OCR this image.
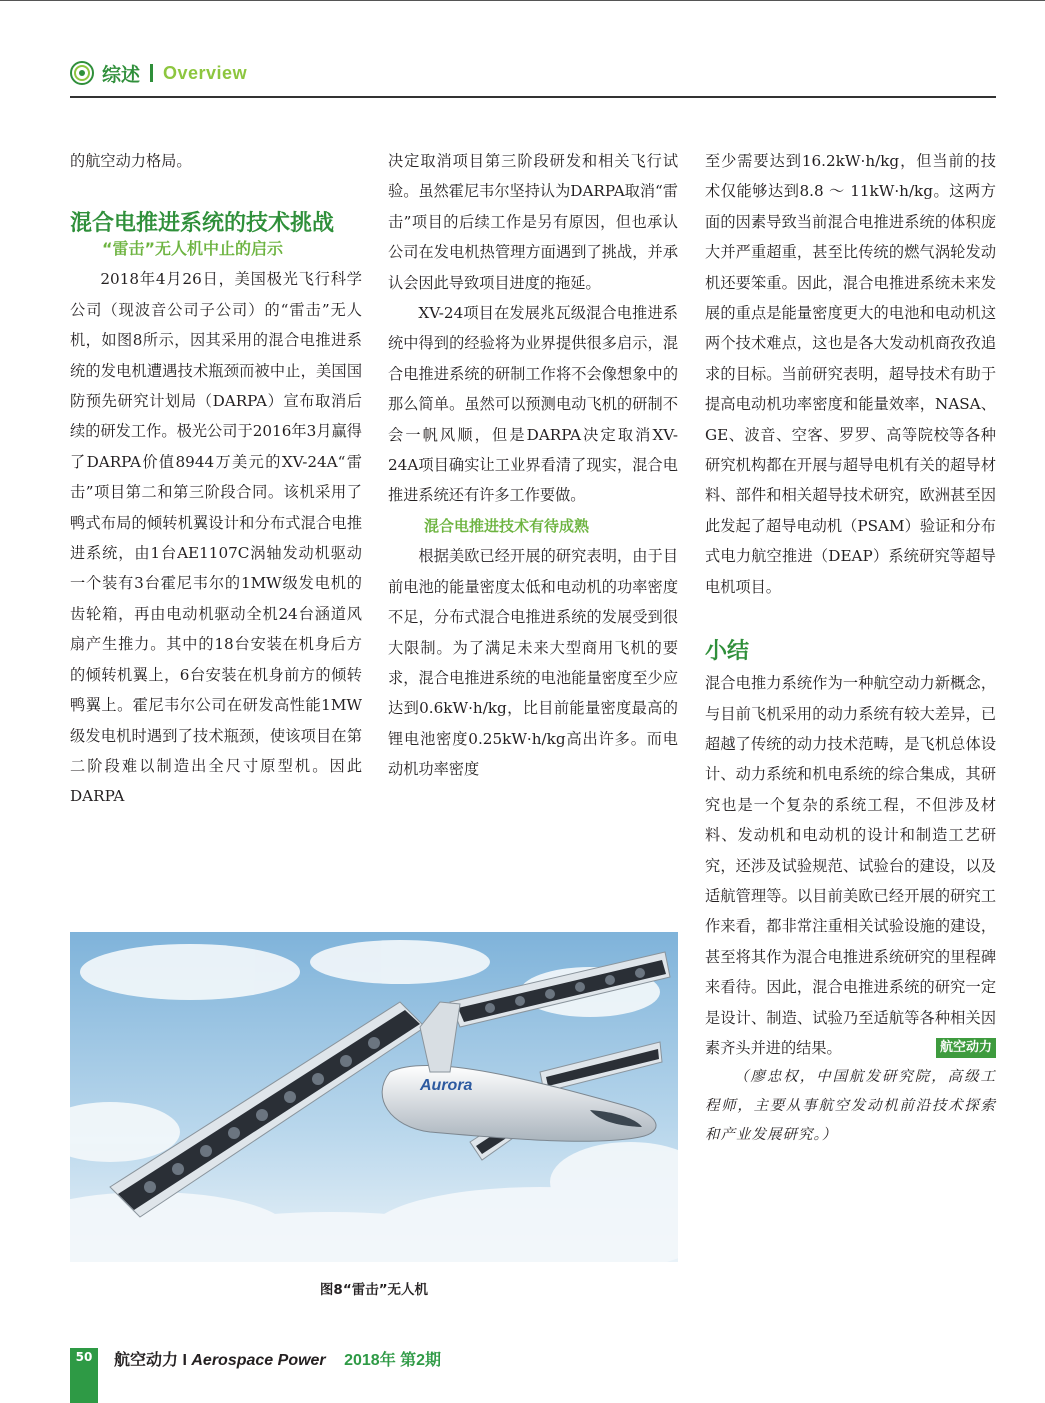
综述 Overview

的航空动力格局。

混合电推进系统的技术挑战

“雷击”无人机中止的启示

2018年4月26日，美国极光飞行科学公司（现波音公司子公司）的“雷击”无人机，如图8所示，因其采用的混合电推进系统的发电机遭遇技术瓶颈而被中止，美国国防预先研究计划局（DARPA）宣布取消后续的研发工作。极光公司于2016年3月赢得了DARPA价值8944万美元的XV-24A“雷击”项目第二和第三阶段合同。该机采用了鸭式布局的倾转机翼设计和分布式混合电推进系统，由1台AE1107C涡轴发动机驱动一个装有3台霍尼韦尔的1MW级发电机的齿轮箱，再由电动机驱动全机24台涵道风扇产生推力。其中的18台安装在机身后方的倾转机翼上，6台安装在机身前方的倾转鸭翼上。霍尼韦尔公司在研发高性能1MW级发电机时遇到了技术瓶颈，使该项目在第二阶段难以制造出全尺寸原型机。因此DARPA

决定取消项目第三阶段研发和相关飞行试验。虽然霍尼韦尔坚持认为DARPA取消“雷击”项目的后续工作是另有原因，但也承认公司在发电机热管理方面遇到了挑战，并承认会因此导致项目进度的拖延。

XV-24项目在发展兆瓦级混合电推进系统中得到的经验将为业界提供很多启示，混合电推进系统的研制工作将不会像想象中的那么简单。虽然可以预测电动飞机的研制不会一帆风顺，但是DARPA决定取消XV-24A项目确实让工业界看清了现实，混合电推进系统还有许多工作要做。

混合电推进技术有待成熟

根据美欧已经开展的研究表明，由于目前电池的能量密度太低和电动机的功率密度不足，分布式混合电推进系统的发展受到很大限制。为了满足未来大型商用飞机的要求，混合电推进系统的电池能量密度至少应达到0.6kW·h/kg，比目前能量密度最高的锂电池密度0.25kW·h/kg高出许多。而电动机功率密度

至少需要达到16.2kW·h/kg，但当前的技术仅能够达到8.8 ～ 11kW·h/kg。这两方面的因素导致当前混合电推进系统的体积庞大并严重超重，甚至比传统的燃气涡轮发动机还要笨重。因此，混合电推进系统未来发展的重点是能量密度更大的电池和电动机这两个技术难点，这也是各大发动机商孜孜追求的目标。当前研究表明，超导技术有助于提高电动机功率密度和能量效率，NASA、GE、波音、空客、罗罗、高等院校等各种研究机构都在开展与超导电机有关的超导材料、部件和相关超导技术研究，欧洲甚至因此发起了超导电动机（PSAM）验证和分布式电力航空推进（DEAP）系统研究等超导电机项目。

小结

混合电推力系统作为一种航空动力新概念，与目前飞机采用的动力系统有较大差异，已超越了传统的动力技术范畴，是飞机总体设计、动力系统和机电系统的综合集成，其研究也是一个复杂的系统工程，不但涉及材料、发动机和电动机的设计和制造工艺研究，还涉及试验规范、试验台的建设，以及适航管理等。以目前美欧已经开展的研究工作来看，都非常注重相关试验设施的建设，甚至将其作为混合电推进系统研究的里程碑来看待。因此，混合电推进系统的研究一定是设计、制造、试验乃至适航等各种相关因素齐头并进的结果。	航空动力

（廖忠权，中国航发研究院，高级工程师，主要从事航空发动机前沿技术探索和产业发展研究。）

Aurora
图8“雷击”无人机
50	航空动力 I Aerospace Power 2018年 第2期
